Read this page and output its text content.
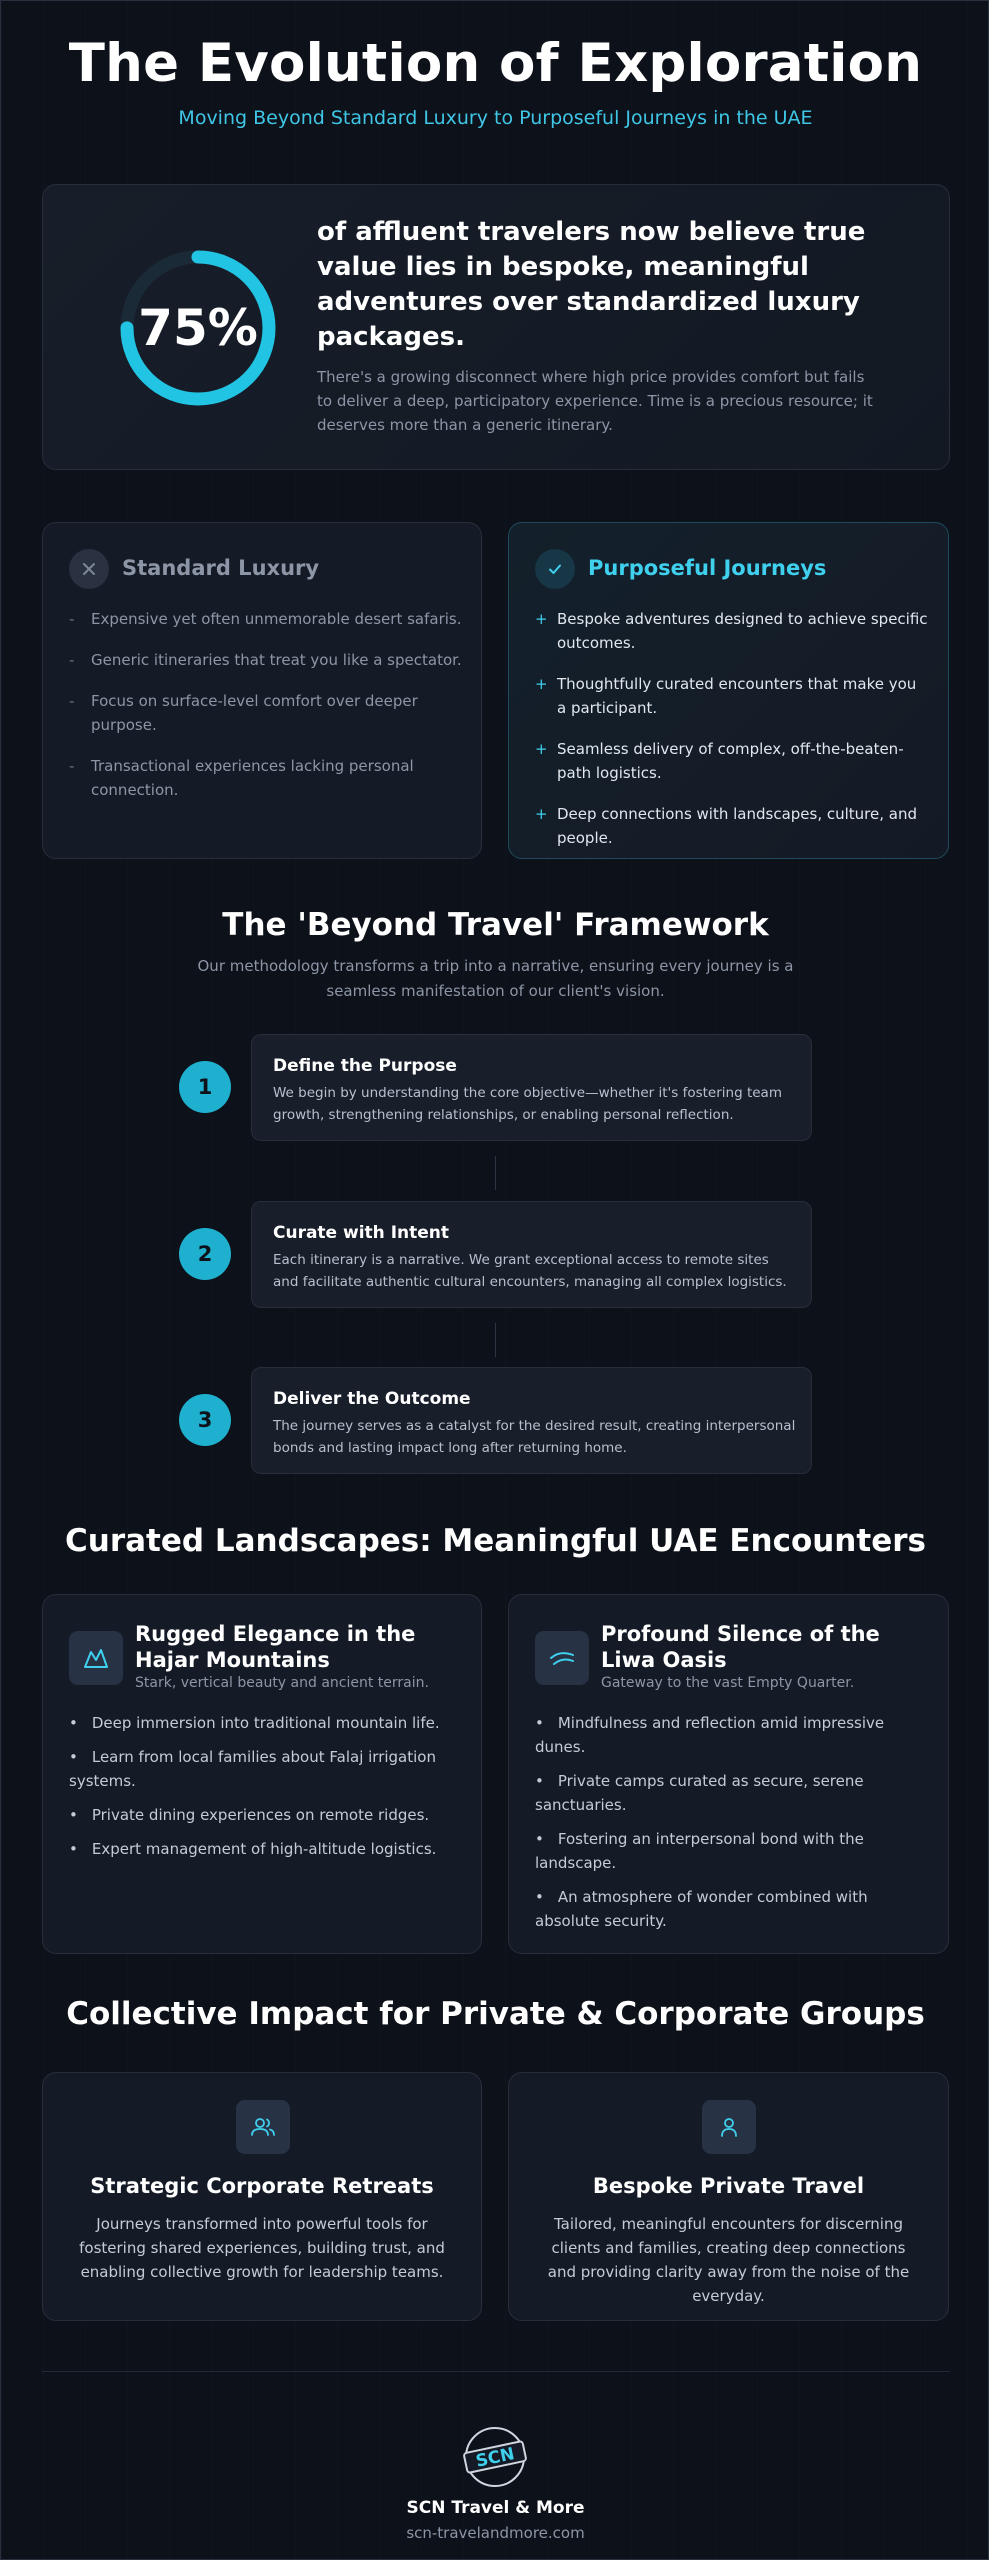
The Evolution of Exploration
Moving Beyond Standard Luxury to Purposeful Journeys in the UAE
75%
of affluent travelers now believe true value lies in bespoke, meaningful adventures over standardized luxury packages.
There's a growing disconnect where high price provides comfort but fails to deliver a deep, participatory experience. Time is a precious resource; it deserves more than a generic itinerary.
Standard Luxury
- Expensive yet often unmemorable desert safaris.
- Generic itineraries that treat you like a spectator.
- Focus on surface-level comfort over deeper purpose.
- Transactional experiences lacking personal connection.
Purposeful Journeys
+ Bespoke adventures designed to achieve specific outcomes.
+ Thoughtfully curated encounters that make you a participant.
+ Seamless delivery of complex, off-the-beaten-path logistics.
+ Deep connections with landscapes, culture, and people.
The 'Beyond Travel' Framework
Our methodology transforms a trip into a narrative, ensuring every journey is a seamless manifestation of our client's vision.
1
Define the Purpose
We begin by understanding the core objective—whether it's fostering team growth, strengthening relationships, or enabling personal reflection.
2
Curate with Intent
Each itinerary is a narrative. We grant exceptional access to remote sites and facilitate authentic cultural encounters, managing all complex logistics.
3
Deliver the Outcome
The journey serves as a catalyst for the desired result, creating interpersonal bonds and lasting impact long after returning home.
Curated Landscapes: Meaningful UAE Encounters
Rugged Elegance in the Hajar Mountains
Stark, vertical beauty and ancient terrain.
• Deep immersion into traditional mountain life.
• Learn from local families about Falaj irrigation systems.
• Private dining experiences on remote ridges.
• Expert management of high-altitude logistics.
Profound Silence of the Liwa Oasis
Gateway to the vast Empty Quarter.
• Mindfulness and reflection amid impressive dunes.
• Private camps curated as secure, serene sanctuaries.
• Fostering an interpersonal bond with the landscape.
• An atmosphere of wonder combined with absolute security.
Collective Impact for Private & Corporate Groups
Strategic Corporate Retreats
Journeys transformed into powerful tools for fostering shared experiences, building trust, and enabling collective growth for leadership teams.
Bespoke Private Travel
Tailored, meaningful encounters for discerning clients and families, creating deep connections and providing clarity away from the noise of the everyday.
SCN
SCN Travel & More
scn-travelandmore.com
